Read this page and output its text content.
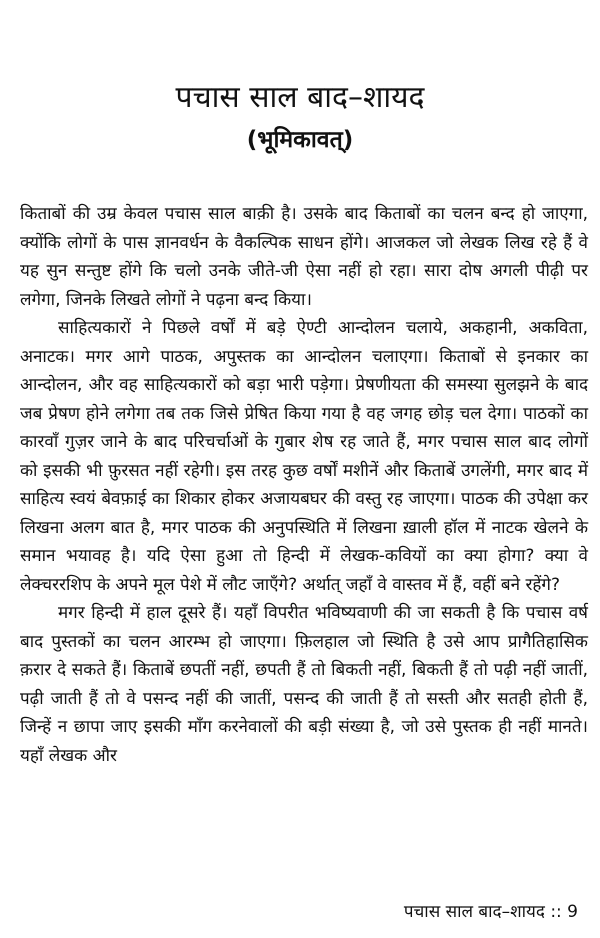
पचास साल बाद–शायद
(भूमिकावत्)

किताबों की उम्र केवल पचास साल बाक़ी है। उसके बाद किताबों का चलन बन्द हो जाएगा, क्योंकि लोगों के पास ज्ञानवर्धन के वैकल्पिक साधन होंगे। आजकल जो लेखक लिख रहे हैं वे यह सुन सन्तुष्ट होंगे कि चलो उनके जीते-जी ऐसा नहीं हो रहा। सारा दोष अगली पीढ़ी पर लगेगा, जिनके लिखते लोगों ने पढ़ना बन्द किया।

साहित्यकारों ने पिछले वर्षों में बड़े ऐण्टी आन्दोलन चलाये, अकहानी, अकविता, अनाटक। मगर आगे पाठक, अपुस्तक का आन्दोलन चलाएगा। किताबों से इनकार का आन्दोलन, और वह साहित्यकारों को बड़ा भारी पड़ेगा। प्रेषणीयता की समस्या सुलझने के बाद जब प्रेषण होने लगेगा तब तक जिसे प्रेषित किया गया है वह जगह छोड़ चल देगा। पाठकों का कारवाँ गुज़र जाने के बाद परिचर्चाओं के गुबार शेष रह जाते हैं, मगर पचास साल बाद लोगों को इसकी भी फ़ुरसत नहीं रहेगी। इस तरह कुछ वर्षों मशीनें और किताबें उगलेंगी, मगर बाद में साहित्य स्वयं बेवफ़ाई का शिकार होकर अजायबघर की वस्तु रह जाएगा। पाठक की उपेक्षा कर लिखना अलग बात है, मगर पाठक की अनुपस्थिति में लिखना ख़ाली हॉल में नाटक खेलने के समान भयावह है। यदि ऐसा हुआ तो हिन्दी में लेखक-कवियों का क्या होगा? क्या वे लेक्चररशिप के अपने मूल पेशे में लौट जाएँगे? अर्थात् जहाँ वे वास्तव में हैं, वहीं बने रहेंगे?

मगर हिन्दी में हाल दूसरे हैं। यहाँ विपरीत भविष्यवाणी की जा सकती है कि पचास वर्ष बाद पुस्तकों का चलन आरम्भ हो जाएगा। फ़िलहाल जो स्थिति है उसे आप प्रागैतिहासिक क़रार दे सकते हैं। किताबें छपतीं नहीं, छपती हैं तो बिकती नहीं, बिकती हैं तो पढ़ी नहीं जातीं, पढ़ी जाती हैं तो वे पसन्द नहीं की जातीं, पसन्द की जाती हैं तो सस्ती और सतही होती हैं, जिन्हें न छापा जाए इसकी माँग करनेवालों की बड़ी संख्या है, जो उसे पुस्तक ही नहीं मानते। यहाँ लेखक और

पचास साल बाद–शायद :: 9
